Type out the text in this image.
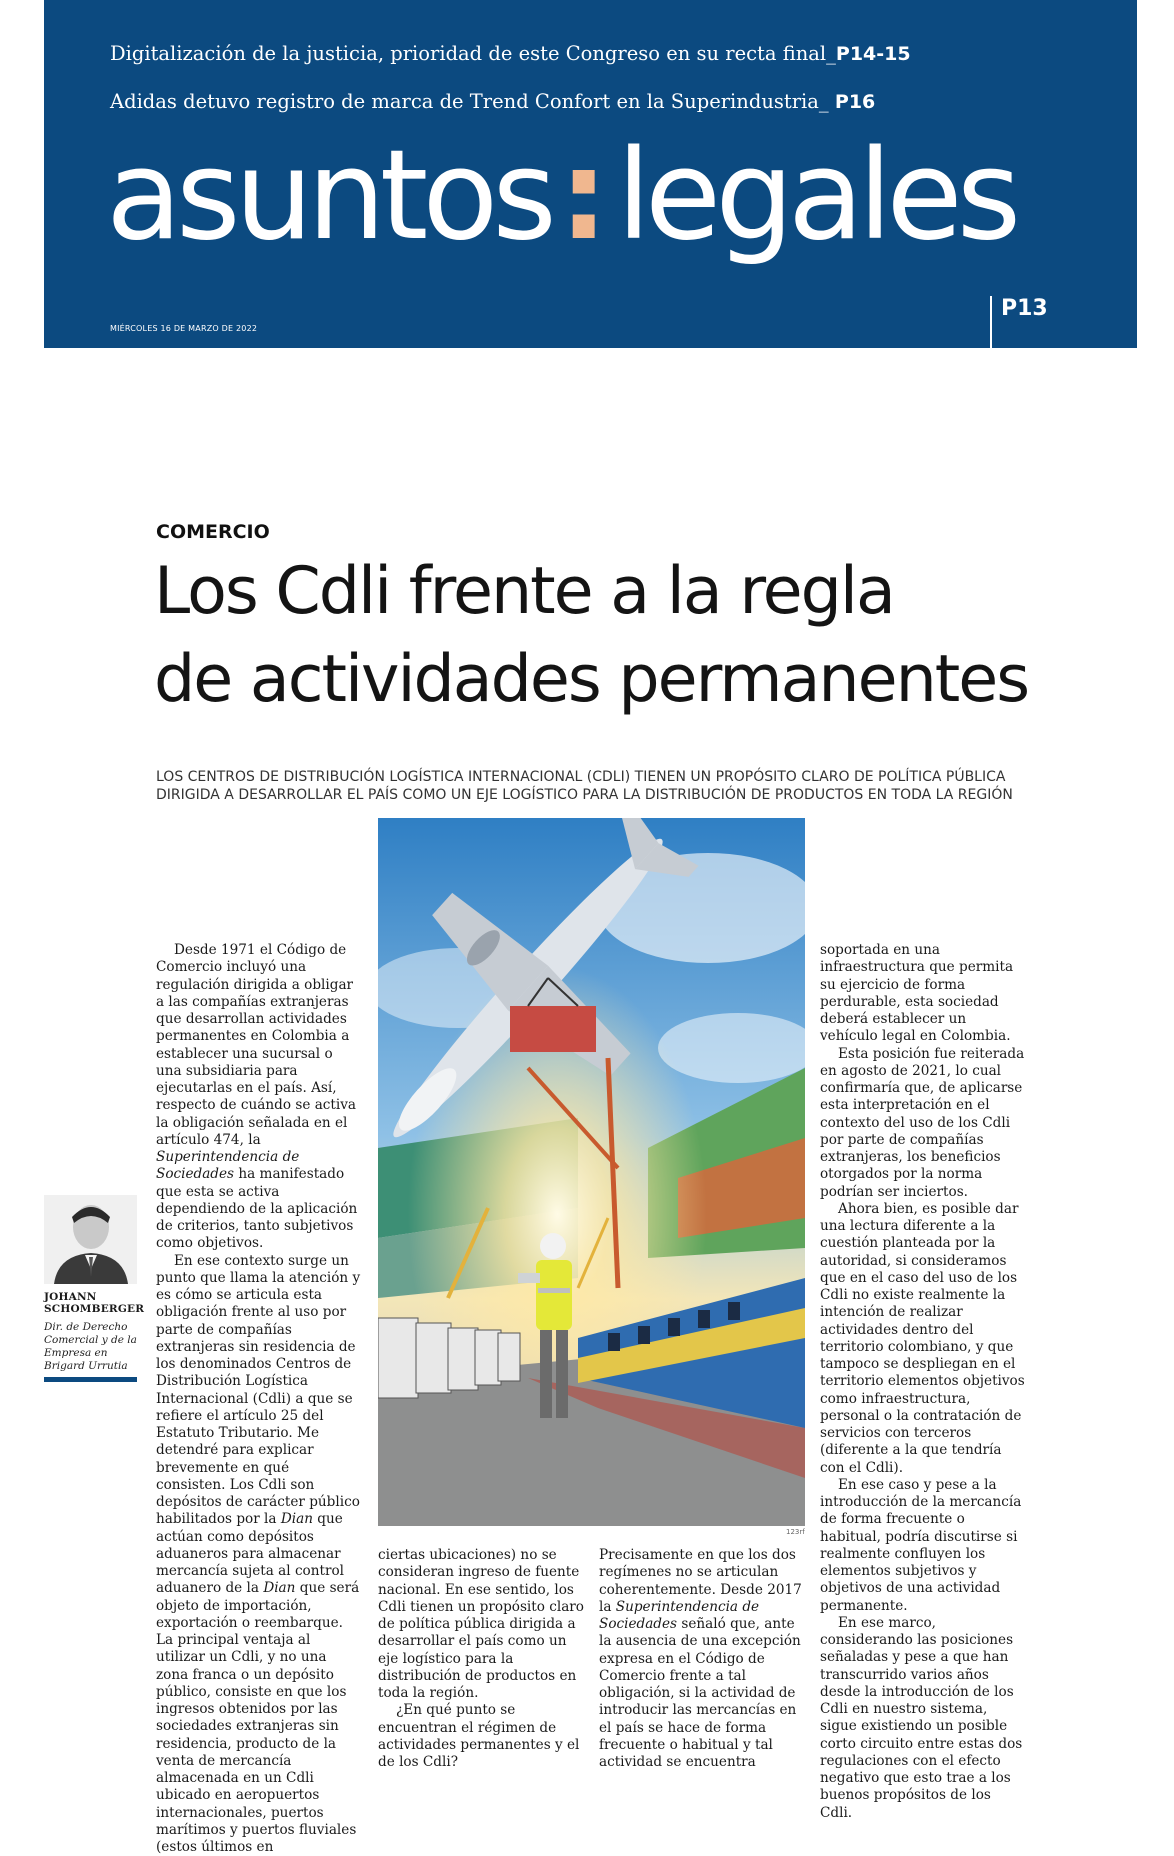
Digitalización de la justicia, prioridad de este Congreso en su recta final_P14-15
Adidas detuvo registro de marca de Trend Confort en la Superindustria_ P16
asuntos:legales
MIÉRCOLES 16 DE MARZO DE 2022
P13
COMERCIO
Los Cdli frente a la regla
de actividades permanentes
LOS CENTROS DE DISTRIBUCIÓN LOGÍSTICA INTERNACIONAL (CDLI) TIENEN UN PROPÓSITO CLARO DE POLÍTICA PÚBLICA DIRIGIDA A DESARROLLAR EL PAÍS COMO UN EJE LOGÍSTICO PARA LA DISTRIBUCIÓN DE PRODUCTOS EN TODA LA REGIÓN
123rf
JOHANN
SCHOMBERGER
Dir. de Derecho Comercial y de la Empresa en Brigard Urrutia

Desde 1971 el Código de Comercio incluyó una regulación dirigida a obligar a las compañías extranjeras que desarrollan actividades permanentes en Colombia a establecer una sucursal o una subsidiaria para ejecutarlas en el país. Así, respecto de cuándo se activa la obligación señalada en el artículo 474, la Superintendencia de Sociedades ha manifestado que esta se activa dependiendo de la aplicación de criterios, tanto subjetivos como objetivos.

En ese contexto surge un punto que llama la atención y es cómo se articula esta obligación frente al uso por parte de compañías extranjeras sin residencia de los denominados Centros de Distribución Logística Internacional (Cdli) a que se refiere el artículo 25 del Estatuto Tributario. Me detendré para explicar brevemente en qué consisten. Los Cdli son depósitos de carácter público habilitados por la Dian que actúan como depósitos aduaneros para almacenar mercancía sujeta al control aduanero de la Dian que será objeto de importación, exportación o reembarque. La principal ventaja al utilizar un Cdli, y no una zona franca o un depósito público, consiste en que los ingresos obtenidos por las sociedades extranjeras sin residencia, producto de la venta de mercancía almacenada en un Cdli ubicado en aeropuertos internacionales, puertos marítimos y puertos fluviales (estos últimos en

ciertas ubicaciones) no se consideran ingreso de fuente nacional. En ese sentido, los Cdli tienen un propósito claro de política pública dirigida a desarrollar el país como un eje logístico para la distribución de productos en toda la región.

¿En qué punto se encuentran el régimen de actividades permanentes y el de los Cdli?

Precisamente en que los dos regímenes no se articulan coherentemente. Desde 2017 la Superintendencia de Sociedades señaló que, ante la ausencia de una excepción expresa en el Código de Comercio frente a tal obligación, si la actividad de introducir las mercancías en el país se hace de forma frecuente o habitual y tal actividad se encuentra

soportada en una infraestructura que permita su ejercicio de forma perdurable, esta sociedad deberá establecer un vehículo legal en Colombia.

Esta posición fue reiterada en agosto de 2021, lo cual confirmaría que, de aplicarse esta interpretación en el contexto del uso de los Cdli por parte de compañías extranjeras, los beneficios otorgados por la norma podrían ser inciertos.

Ahora bien, es posible dar una lectura diferente a la cuestión planteada por la autoridad, si consideramos que en el caso del uso de los Cdli no existe realmente la intención de realizar actividades dentro del territorio colombiano, y que tampoco se despliegan en el territorio elementos objetivos como infraestructura, personal o la contratación de servicios con terceros (diferente a la que tendría con el Cdli).

En ese caso y pese a la introducción de la mercancía de forma frecuente o habitual, podría discutirse si realmente confluyen los elementos subjetivos y objetivos de una actividad permanente.

En ese marco, considerando las posiciones señaladas y pese a que han transcurrido varios años desde la introducción de los Cdli en nuestro sistema, sigue existiendo un posible corto circuito entre estas dos regulaciones con el efecto negativo que esto trae a los buenos propósitos de los Cdli.
